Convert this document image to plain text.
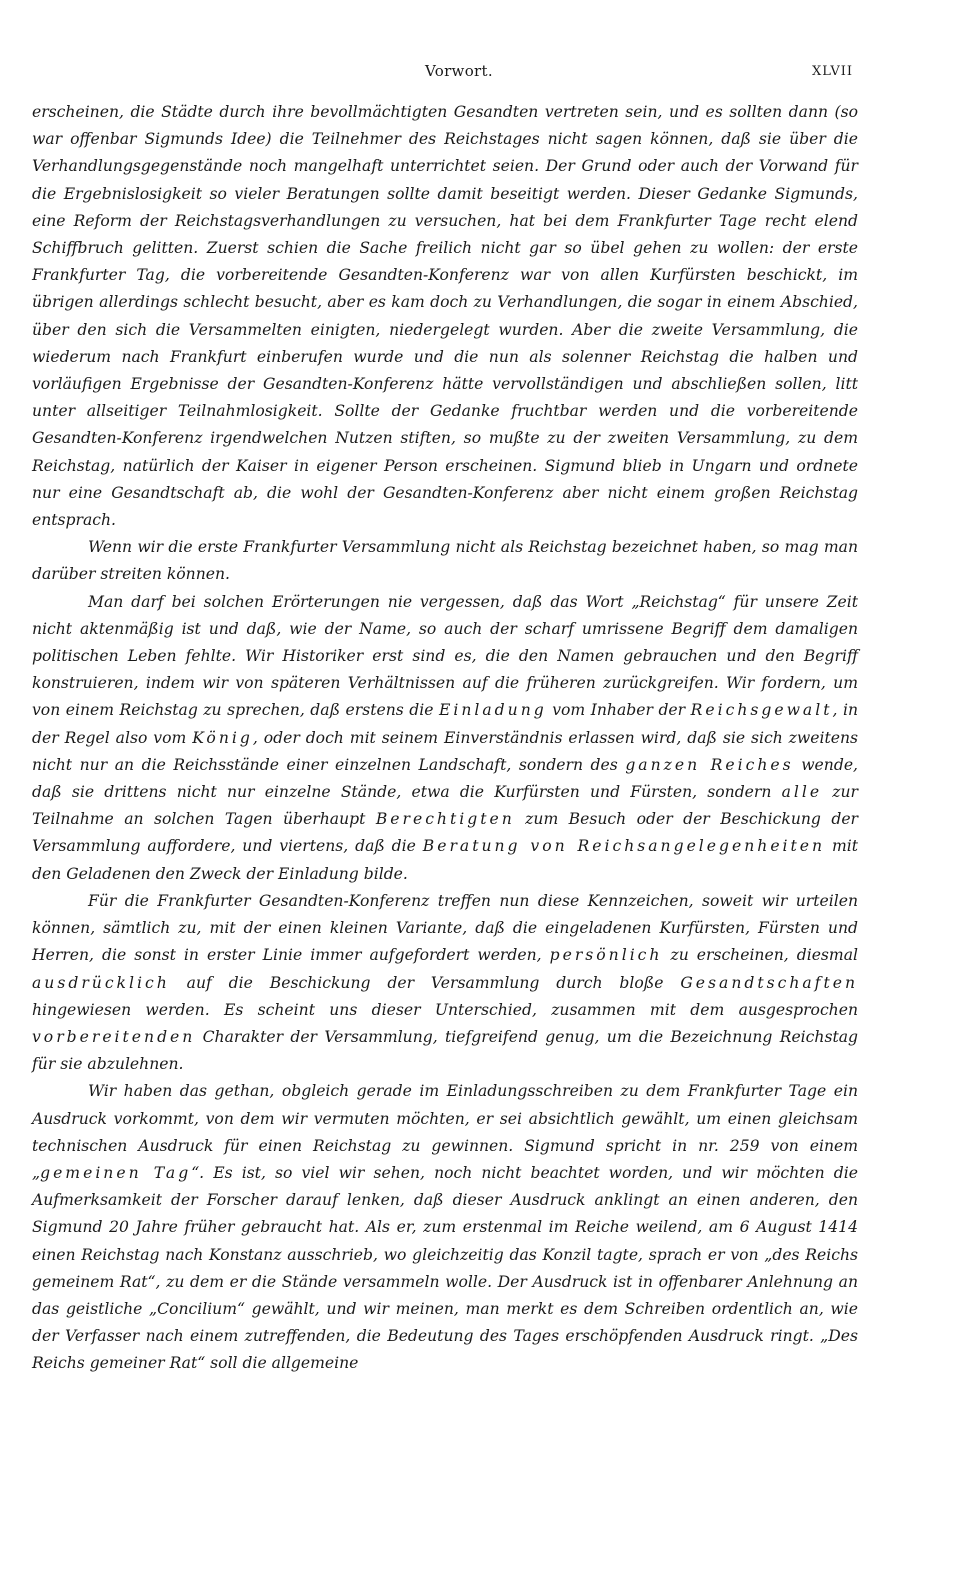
Vorwort.	XLVII

erscheinen, die Städte durch ihre bevollmächtigten Gesandten vertreten sein, und es sollten dann (so war offenbar Sigmunds Idee) die Teilnehmer des Reichstages nicht sagen können, daß sie über die Verhandlungsgegenstände noch mangelhaft unterrichtet seien. Der Grund oder auch der Vorwand für die Ergebnislosigkeit so vieler Beratungen sollte damit beseitigt werden. Dieser Gedanke Sigmunds, eine Reform der Reichstagsverhandlungen zu versuchen, hat bei dem Frankfurter Tage recht elend Schiffbruch gelitten. Zuerst schien die Sache freilich nicht gar so übel gehen zu wollen: der erste Frankfurter Tag, die vorbereitende Gesandten-Konferenz war von allen Kurfürsten beschickt, im übrigen allerdings schlecht besucht, aber es kam doch zu Verhandlungen, die sogar in einem Abschied, über den sich die Versammelten einigten, niedergelegt wurden. Aber die zweite Versammlung, die wiederum nach Frankfurt einberufen wurde und die nun als solenner Reichstag die halben und vorläufigen Ergebnisse der Gesandten-Konferenz hätte vervollständigen und abschließen sollen, litt unter allseitiger Teilnahmlosigkeit. Sollte der Gedanke fruchtbar werden und die vorbereitende Gesandten-Konferenz irgendwelchen Nutzen stiften, so mußte zu der zweiten Versammlung, zu dem Reichstag, natürlich der Kaiser in eigener Person erscheinen. Sigmund blieb in Ungarn und ordnete nur eine Gesandtschaft ab, die wohl der Gesandten-Konferenz aber nicht einem großen Reichstag entsprach.

Wenn wir die erste Frankfurter Versammlung nicht als Reichstag bezeichnet haben, so mag man darüber streiten können.

Man darf bei solchen Erörterungen nie vergessen, daß das Wort „Reichstag“ für unsere Zeit nicht aktenmäßig ist und daß, wie der Name, so auch der scharf umrissene Begriff dem damaligen politischen Leben fehlte. Wir Historiker erst sind es, die den Namen gebrauchen und den Begriff konstruieren, indem wir von späteren Verhältnissen auf die früheren zurückgreifen. Wir fordern, um von einem Reichstag zu sprechen, daß erstens die Einladung vom Inhaber der Reichsgewalt, in der Regel also vom König, oder doch mit seinem Einverständnis erlassen wird, daß sie sich zweitens nicht nur an die Reichsstände einer einzelnen Landschaft, sondern des ganzen Reiches wende, daß sie drittens nicht nur einzelne Stände, etwa die Kurfürsten und Fürsten, sondern alle zur Teilnahme an solchen Tagen überhaupt Berechtigten zum Besuch oder der Beschickung der Versammlung auffordere, und viertens, daß die Beratung von Reichsangelegenheiten mit den Geladenen den Zweck der Einladung bilde.

Für die Frankfurter Gesandten-Konferenz treffen nun diese Kennzeichen, soweit wir urteilen können, sämtlich zu, mit der einen kleinen Variante, daß die eingeladenen Kurfürsten, Fürsten und Herren, die sonst in erster Linie immer aufgefordert werden, persönlich zu erscheinen, diesmal ausdrücklich auf die Beschickung der Versammlung durch bloße Gesandtschaften hingewiesen werden. Es scheint uns dieser Unterschied, zusammen mit dem ausgesprochen vorbereitenden Charakter der Versammlung, tiefgreifend genug, um die Bezeichnung Reichstag für sie abzulehnen.

Wir haben das gethan, obgleich gerade im Einladungsschreiben zu dem Frankfurter Tage ein Ausdruck vorkommt, von dem wir vermuten möchten, er sei absichtlich gewählt, um einen gleichsam technischen Ausdruck für einen Reichstag zu gewinnen. Sigmund spricht in nr. 259 von einem „gemeinen Tag“. Es ist, so viel wir sehen, noch nicht beachtet worden, und wir möchten die Aufmerksamkeit der Forscher darauf lenken, daß dieser Ausdruck anklingt an einen anderen, den Sigmund 20 Jahre früher gebraucht hat. Als er, zum erstenmal im Reiche weilend, am 6 August 1414 einen Reichstag nach Konstanz ausschrieb, wo gleichzeitig das Konzil tagte, sprach er von „des Reichs gemeinem Rat“, zu dem er die Stände versammeln wolle. Der Ausdruck ist in offenbarer Anlehnung an das geistliche „Concilium“ gewählt, und wir meinen, man merkt es dem Schreiben ordentlich an, wie der Verfasser nach einem zutreffenden, die Bedeutung des Tages erschöpfenden Ausdruck ringt. „Des Reichs gemeiner Rat“ soll die allgemeine
